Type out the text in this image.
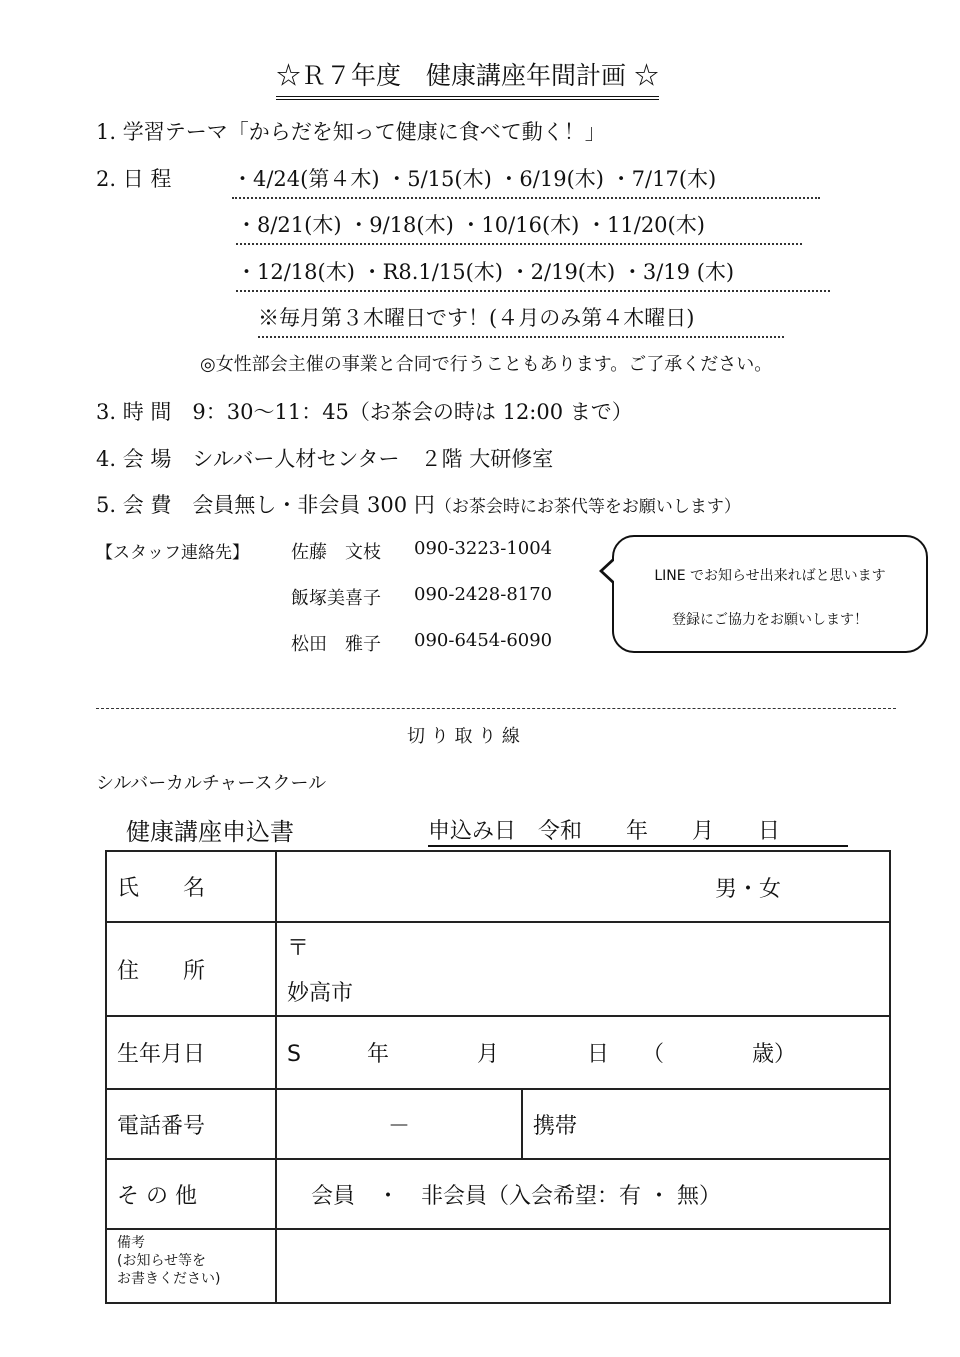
☆Ｒ７年度　健康講座年間計画 ☆
1. 学習テーマ「からだを知って健康に食べて動く！」
2. 日 程	・4/24(第４木) ・5/15(木) ・6/19(木) ・7/17(木)
・8/21(木) ・9/18(木) ・10/16(木) ・11/20(木)
・12/18(木) ・R8.1/15(木) ・2/19(木) ・3/19 (木)
※毎月第３木曜日です！(４月のみ第４木曜日)
◎女性部会主催の事業と合同で行うこともあります。ご了承ください。
3. 時 間　9：30～11：45（お茶会の時は 12:00 まで）
4. 会 場　シルバー人材センター　２階 大研修室
5. 会 費　会員無し・非会員 300 円（お茶会時にお茶代等をお願いします）
【スタッフ連絡先】 佐藤　文枝 090-3223-1004
飯塚美喜子 090-2428-8170
松田　雅子 090-6454-6090
LINE でお知らせ出来ればと思います
登録にご協力をお願いします！
切 り 取 り 線
シルバーカルチャースクール
健康講座申込書	申込み日　令和　　年　　月　　日
氏　　名	男・女	

住　　所	〒
妙高市	

生年月日	S　　　年　　　　月　　　　日　　（　　　　歳）	
電話番号	－	携帯
そ の 他	会員　・　非会員（入会希望：有 ・ 無）	
備考
(お知らせ等を
お書きください)		
